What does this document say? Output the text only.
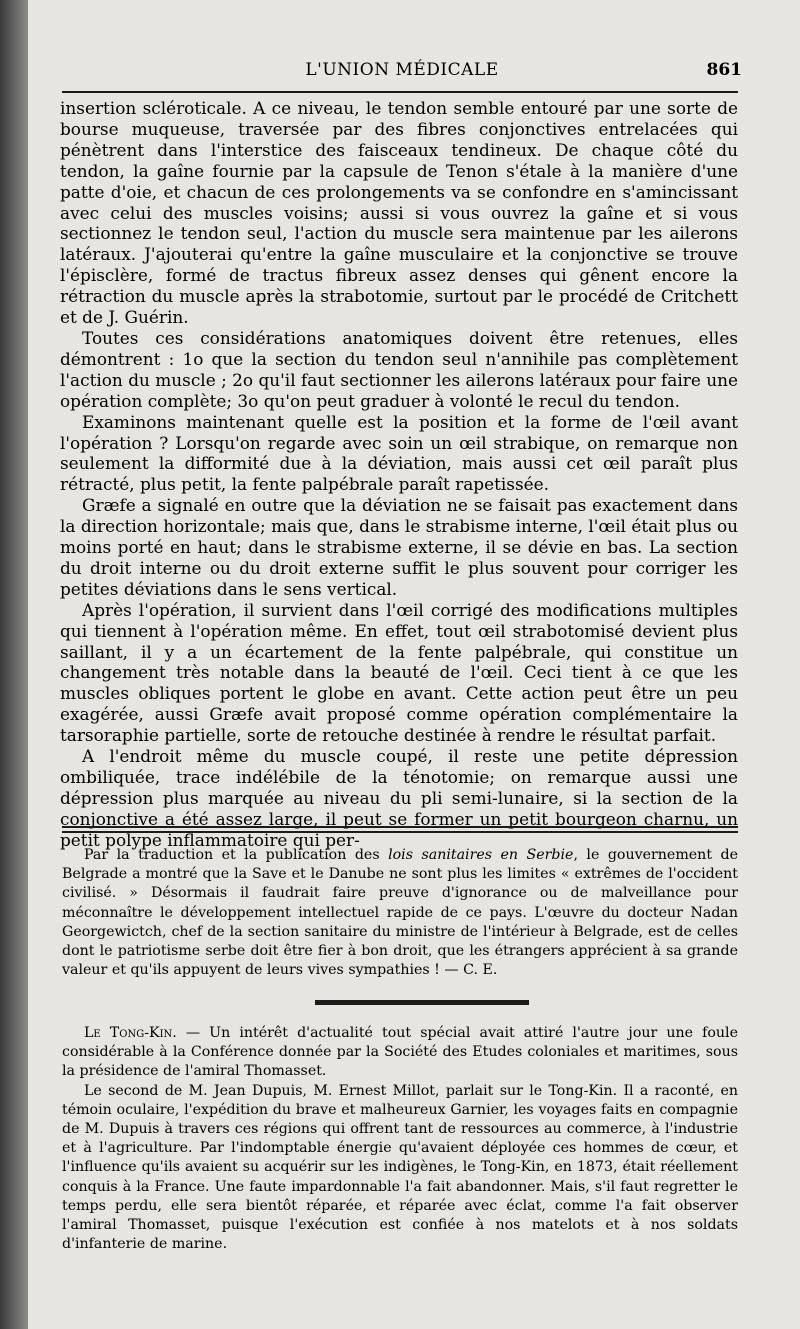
L'UNION MÉDICALE	861

insertion scléroticale. A ce niveau, le tendon semble entouré par une sorte de bourse muqueuse, traversée par des fibres conjonctives entrelacées qui pénètrent dans l'interstice des faisceaux tendineux. De chaque côté du tendon, la gaîne fournie par la capsule de Tenon s'étale à la manière d'une patte d'oie, et chacun de ces prolongements va se confondre en s'amincissant avec celui des muscles voisins; aussi si vous ouvrez la gaîne et si vous sectionnez le tendon seul, l'action du muscle sera maintenue par les ailerons latéraux. J'ajouterai qu'entre la gaîne musculaire et la conjonctive se trouve l'épisclère, formé de tractus fibreux assez denses qui gênent encore la rétraction du muscle après la strabotomie, surtout par le procédé de Critchett et de J. Guérin.

Toutes ces considérations anatomiques doivent être retenues, elles démontrent : 1o que la section du tendon seul n'annihile pas complètement l'action du muscle ; 2o qu'il faut sectionner les ailerons latéraux pour faire une opération complète; 3o qu'on peut graduer à volonté le recul du tendon.

Examinons maintenant quelle est la position et la forme de l'œil avant l'opération ? Lorsqu'on regarde avec soin un œil strabique, on remarque non seulement la difformité due à la déviation, mais aussi cet œil paraît plus rétracté, plus petit, la fente palpébrale paraît rapetissée.

Græfe a signalé en outre que la déviation ne se faisait pas exactement dans la direction horizontale; mais que, dans le strabisme interne, l'œil était plus ou moins porté en haut; dans le strabisme externe, il se dévie en bas. La section du droit interne ou du droit externe suffit le plus souvent pour corriger les petites déviations dans le sens vertical.

Après l'opération, il survient dans l'œil corrigé des modifications multiples qui tiennent à l'opération même. En effet, tout œil strabotomisé devient plus saillant, il y a un écartement de la fente palpébrale, qui constitue un changement très notable dans la beauté de l'œil. Ceci tient à ce que les muscles obliques portent le globe en avant. Cette action peut être un peu exagérée, aussi Græfe avait proposé comme opération complémentaire la tarsoraphie partielle, sorte de retouche destinée à rendre le résultat parfait.

A l'endroit même du muscle coupé, il reste une petite dépression ombiliquée, trace indélébile de la ténotomie; on remarque aussi une dépression plus marquée au niveau du pli semi-lunaire, si la section de la conjonctive a été assez large, il peut se former un petit bourgeon charnu, un petit polype inflammatoire qui per-

Par la traduction et la publication des lois sanitaires en Serbie, le gouvernement de Belgrade a montré que la Save et le Danube ne sont plus les limites « extrêmes de l'occident civilisé. » Désormais il faudrait faire preuve d'ignorance ou de malveillance pour méconnaître le développement intellectuel rapide de ce pays. L'œuvre du docteur Nadan Georgewictch, chef de la section sanitaire du ministre de l'intérieur à Belgrade, est de celles dont le patriotisme serbe doit être fier à bon droit, que les étrangers apprécient à sa grande valeur et qu'ils appuyent de leurs vives sympathies ! — C. E.

Le Tong-Kin. — Un intérêt d'actualité tout spécial avait attiré l'autre jour une foule considérable à la Conférence donnée par la Société des Etudes coloniales et maritimes, sous la présidence de l'amiral Thomasset.

Le second de M. Jean Dupuis, M. Ernest Millot, parlait sur le Tong-Kin. Il a raconté, en témoin oculaire, l'expédition du brave et malheureux Garnier, les voyages faits en compagnie de M. Dupuis à travers ces régions qui offrent tant de ressources au commerce, à l'industrie et à l'agriculture. Par l'indomptable énergie qu'avaient déployée ces hommes de cœur, et l'influence qu'ils avaient su acquérir sur les indigènes, le Tong-Kin, en 1873, était réellement conquis à la France. Une faute impardonnable l'a fait abandonner. Mais, s'il faut regretter le temps perdu, elle sera bientôt réparée, et réparée avec éclat, comme l'a fait observer l'amiral Thomasset, puisque l'exécution est confiée à nos matelots et à nos soldats d'infanterie de marine.
